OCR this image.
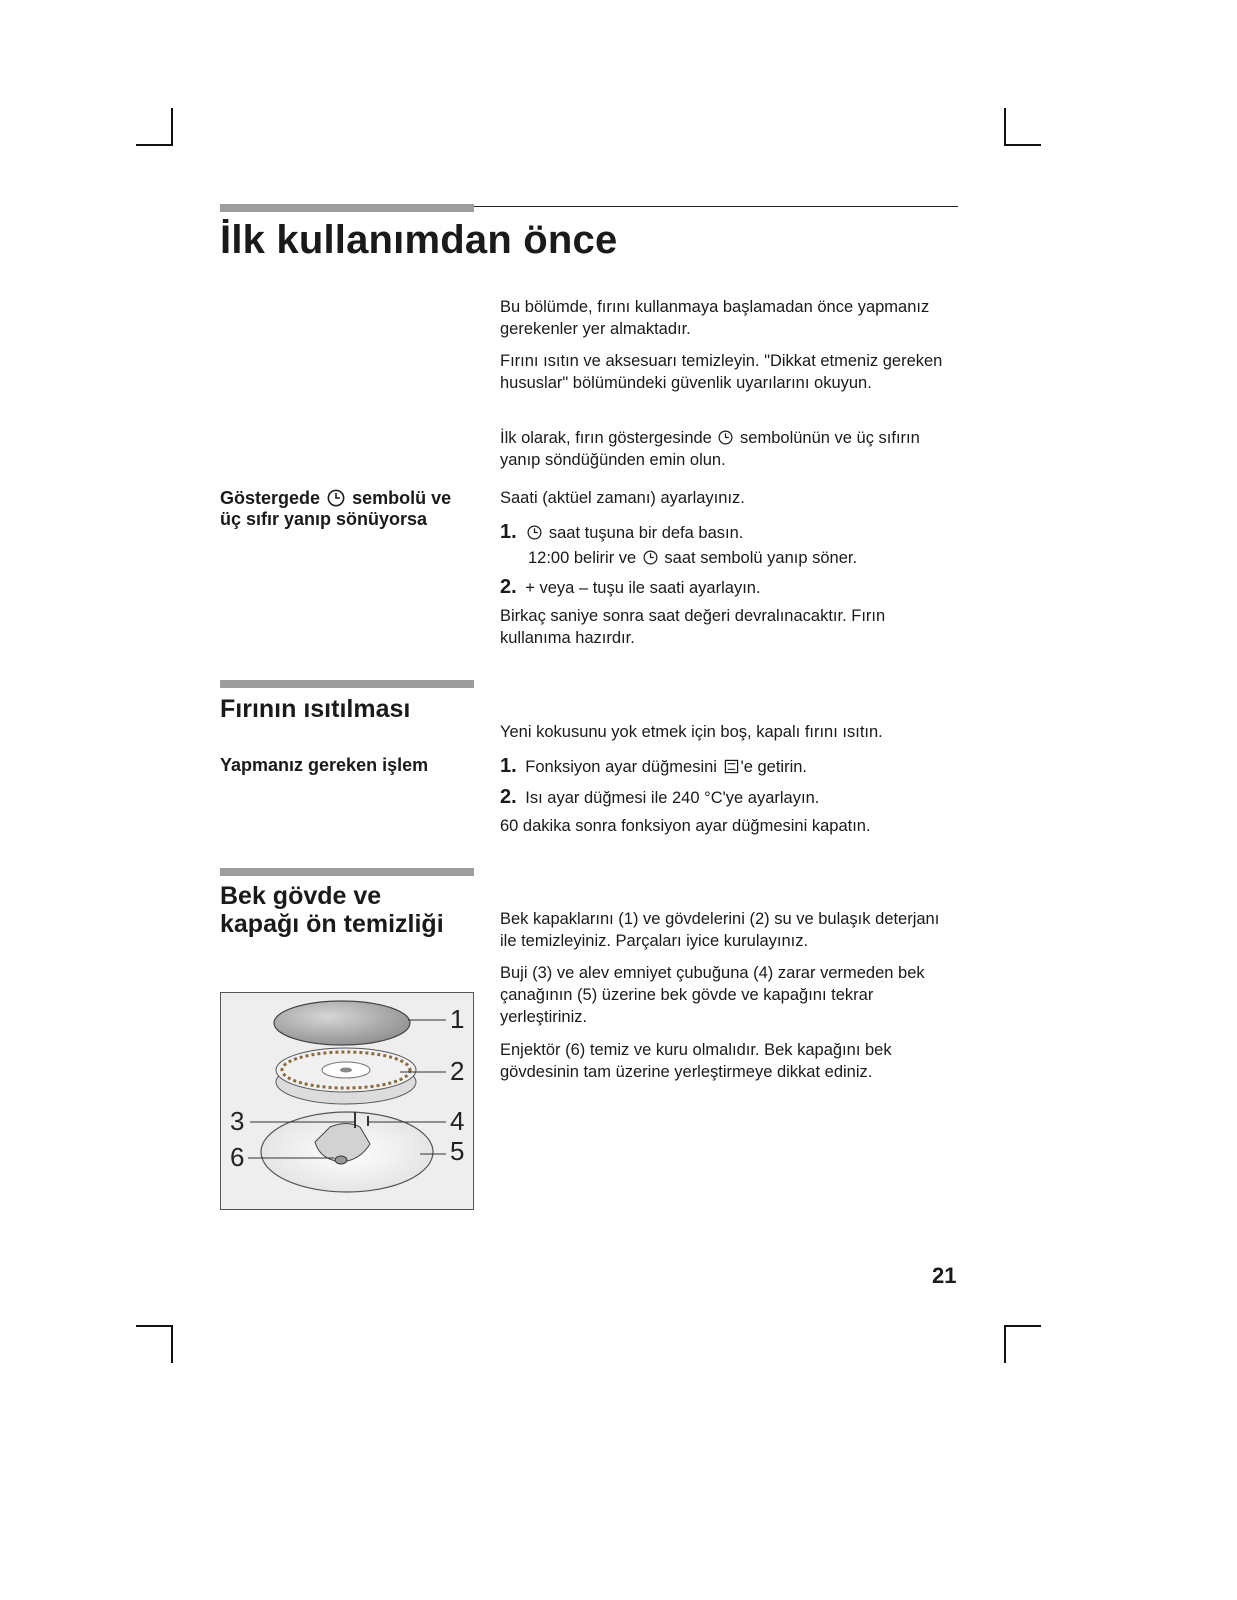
İlk kullanımdan önce
Bu bölümde, fırını kullanmaya başlamadan önce yapmanız gerekenler yer almaktadır.
Fırını ısıtın ve aksesuarı temizleyin. "Dikkat etmeniz gereken hususlar" bölümündeki güvenlik uyarılarını okuyun.
İlk olarak, fırın göstergesinde sembolünün ve üç sıfırın yanıp söndüğünden emin olun.
Göstergede sembolü ve üç sıfır yanıp sönüyorsa
Saati (aktüel zamanı) ayarlayınız.
1. saat tuşuna bir defa basın.
12:00 belirir ve saat sembolü yanıp söner.
2. + veya – tuşu ile saati ayarlayın.
Birkaç saniye sonra saat değeri devralınacaktır. Fırın kullanıma hazırdır.
Fırının ısıtılması
Yeni kokusunu yok etmek için boş, kapalı fırını ısıtın.
Yapmanız gereken işlem	1. Fonksiyon ayar düğmesini 'e getirin.
2. Isı ayar düğmesi ile 240 °C'ye ayarlayın.
60 dakika sonra fonksiyon ayar düğmesini kapatın.
Bek gövde ve kapağı ön temizliği	Bek kapaklarını (1) ve gövdelerini (2) su ve bulaşık deterjanı ile temizleyiniz. Parçaları iyice kurulayınız.
Buji (3) ve alev emniyet çubuğuna (4) zarar vermeden bek çanağının (5) üzerine bek gövde ve kapağını tekrar yerleştiriniz.
Enjektör (6) temiz ve kuru olmalıdır. Bek kapağını bek gövdesinin tam üzerine yerleştirmeye dikkat ediniz.
1
2
3	4
5
6
21
